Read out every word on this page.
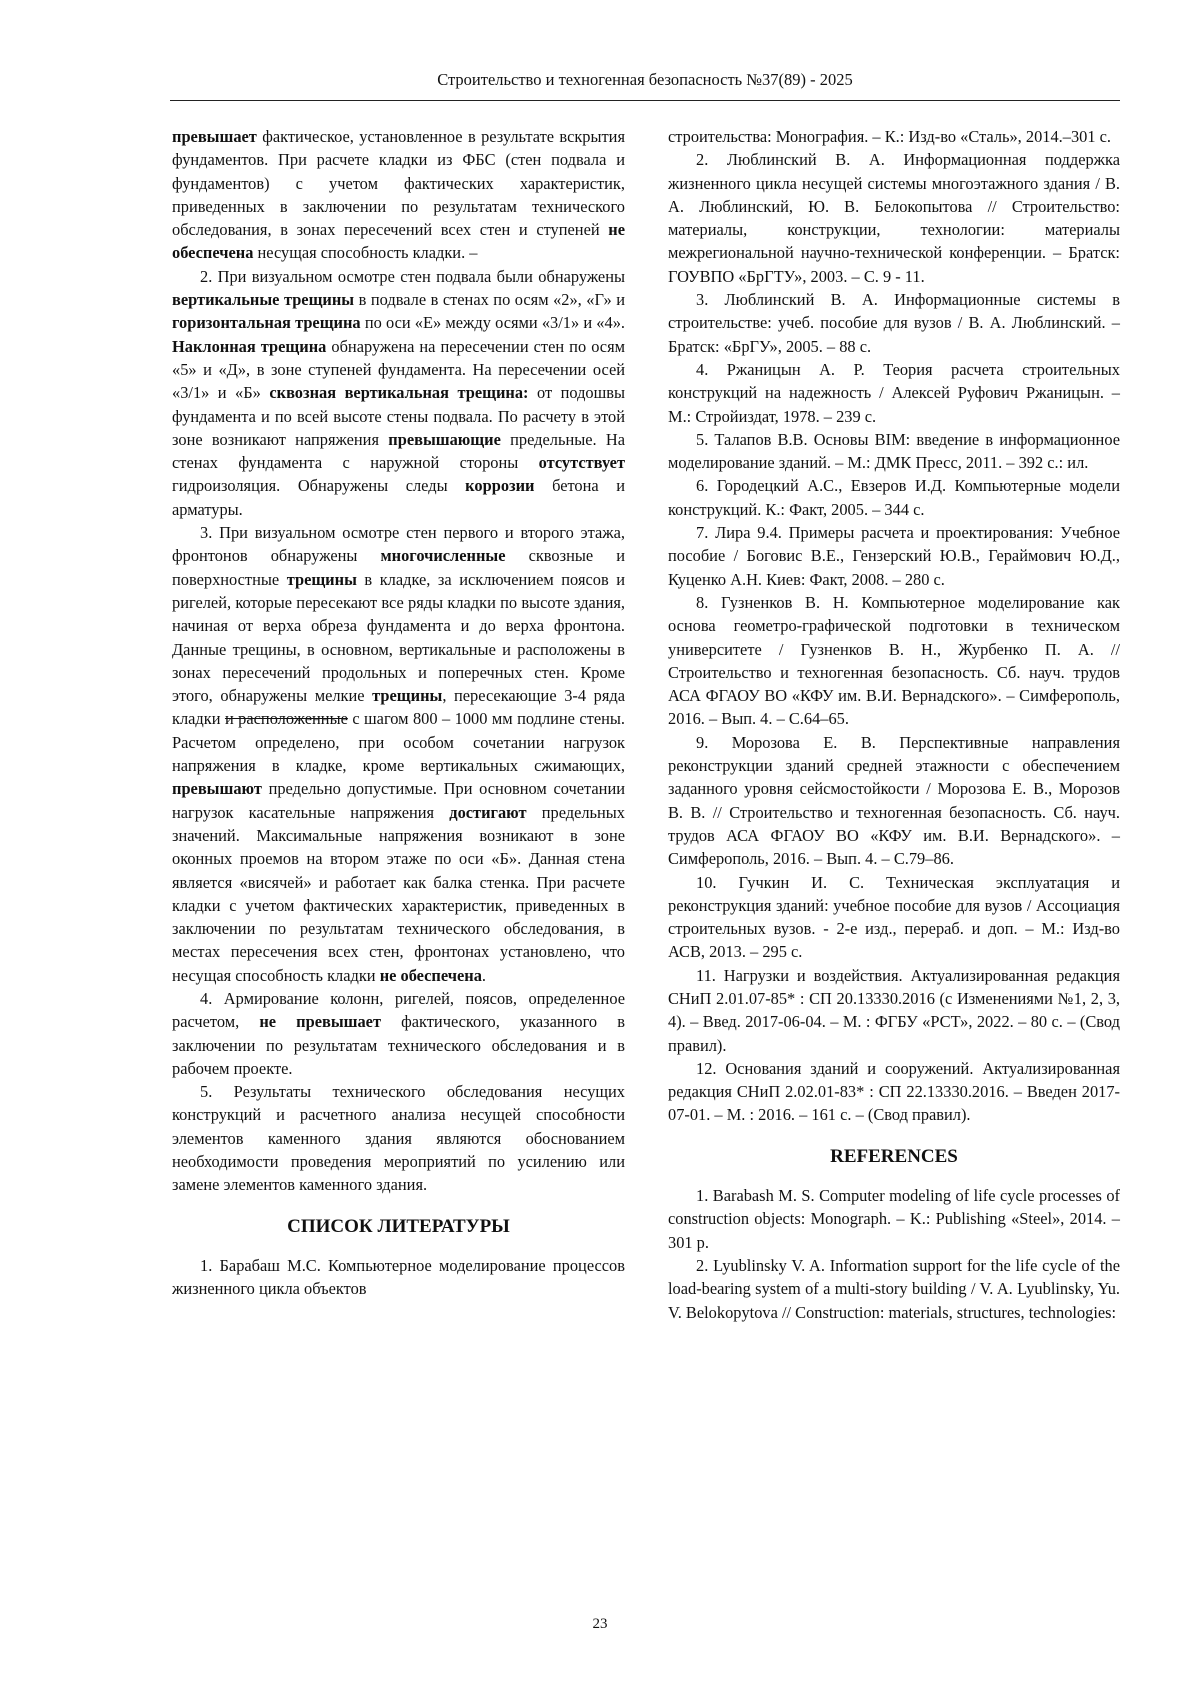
Строительство и техногенная безопасность №37(89) - 2025

превышает фактическое, установленное в результате вскрытия фундаментов. При расчете кладки из ФБС (стен подвала и фундаментов) с учетом фактических характеристик, приведенных в заключении по результатам технического обследования, в зонах пересечений всех стен и ступеней не обеспечена несущая способность кладки. –

2. При визуальном осмотре стен подвала были обнаружены вертикальные трещины в подвале в стенах по осям «2», «Г» и горизонтальная трещина по оси «Е» между осями «3/1» и «4». Наклонная трещина обнаружена на пересечении стен по осям «5» и «Д», в зоне ступеней фундамента. На пересечении осей «3/1» и «Б» сквозная вертикальная трещина: от подошвы фундамента и по всей высоте стены подвала. По расчету в этой зоне возникают напряжения превышающие предельные. На стенах фундамента с наружной стороны отсутствует гидроизоляция. Обнаружены следы коррозии бетона и арматуры.

3. При визуальном осмотре стен первого и второго этажа, фронтонов обнаружены многочисленные сквозные и поверхностные трещины в кладке, за исключением поясов и ригелей, которые пересекают все ряды кладки по высоте здания, начиная от верха обреза фундамента и до верха фронтона. Данные трещины, в основном, вертикальные и расположены в зонах пересечений продольных и поперечных стен. Кроме этого, обнаружены мелкие трещины, пересекающие 3-4 ряда кладки и расположенные с шагом 800 – 1000 мм подлине стены. Расчетом определено, при особом сочетании нагрузок напряжения в кладке, кроме вертикальных сжимающих, превышают предельно допустимые. При основном сочетании нагрузок касательные напряжения достигают предельных значений. Максимальные напряжения возникают в зоне оконных проемов на втором этаже по оси «Б». Данная стена является «висячей» и работает как балка стенка. При расчете кладки с учетом фактических характеристик, приведенных в заключении по результатам технического обследования, в местах пересечения всех стен, фронтонах установлено, что несущая способность кладки не обеспечена.

4. Армирование колонн, ригелей, поясов, определенное расчетом, не превышает фактического, указанного в заключении по результатам технического обследования и в рабочем проекте.

5. Результаты технического обследования несущих конструкций и расчетного анализа несущей способности элементов каменного здания являются обоснованием необходимости проведения мероприятий по усилению или замене элементов каменного здания.

СПИСОК ЛИТЕРАТУРЫ

1. Барабаш М.С. Компьютерное моделирование процессов жизненного цикла объектов

строительства: Монография. – К.: Изд-во «Сталь», 2014.–301 с.

2. Люблинский В. А. Информационная поддержка жизненного цикла несущей системы многоэтажного здания / В. А. Люблинский, Ю. В. Белокопытова // Строительство: материалы, конструкции, технологии: материалы межрегиональной научно-технической конференции. – Братск: ГОУВПО «БрГТУ», 2003. – С. 9 - 11.

3. Люблинский В. А. Информационные системы в строительстве: учеб. пособие для вузов / В. А. Люблинский. – Братск: «БрГУ», 2005. – 88 с.

4. Ржаницын А. Р. Теория расчета строительных конструкций на надежность / Алексей Руфович Ржаницын. – М.: Стройиздат, 1978. – 239 с.

5. Талапов В.В. Основы BIM: введение в информационное моделирование зданий. – М.: ДМК Пресс, 2011. – 392 с.: ил.

6. Городецкий А.С., Евзеров И.Д. Компьютерные модели конструкций. К.: Факт, 2005. – 344 с.

7. Лира 9.4. Примеры расчета и проектирования: Учебное пособие / Боговис В.Е., Гензерский Ю.В., Гераймович Ю.Д., Куценко А.Н. Киев: Факт, 2008. – 280 с.

8. Гузненков В. Н. Компьютерное моделирование как основа геометро-графической подготовки в техническом университете / Гузненков В. Н., Журбенко П. А. // Строительство и техногенная безопасность. Сб. науч. трудов АСА ФГАОУ ВО «КФУ им. В.И. Вернадского». – Симферополь, 2016. – Вып. 4. – С.64–65.

9. Морозова Е. В. Перспективные направления реконструкции зданий средней этажности с обеспечением заданного уровня сейсмостойкости / Морозова Е. В., Морозов В. В. // Строительство и техногенная безопасность. Сб. науч. трудов АСА ФГАОУ ВО «КФУ им. В.И. Вернадского». – Симферополь, 2016. – Вып. 4. – С.79–86.

10. Гучкин И. С. Техническая эксплуатация и реконструкция зданий: учебное пособие для вузов / Ассоциация строительных вузов. - 2-е изд., перераб. и доп. – М.: Изд-во АСВ, 2013. – 295 с.

11. Нагрузки и воздействия. Актуализированная редакция СНиП 2.01.07-85* : СП 20.13330.2016 (с Изменениями №1, 2, 3, 4). – Введ. 2017-06-04. – М. : ФГБУ «РСТ», 2022. – 80 с. – (Свод правил).

12. Основания зданий и сооружений. Актуализированная редакция СНиП 2.02.01-83* : СП 22.13330.2016. – Введен 2017-07-01. – М. : 2016. – 161 с. – (Свод правил).

REFERENCES

1. Barabash M. S. Computer modeling of life cycle processes of construction objects: Monograph. – K.: Publishing «Steel», 2014. – 301 p.

2. Lyublinsky V. A. Information support for the life cycle of the load-bearing system of a multi-story building / V. A. Lyublinsky, Yu. V. Belokopytova // Construction: materials, structures, technologies:

23
